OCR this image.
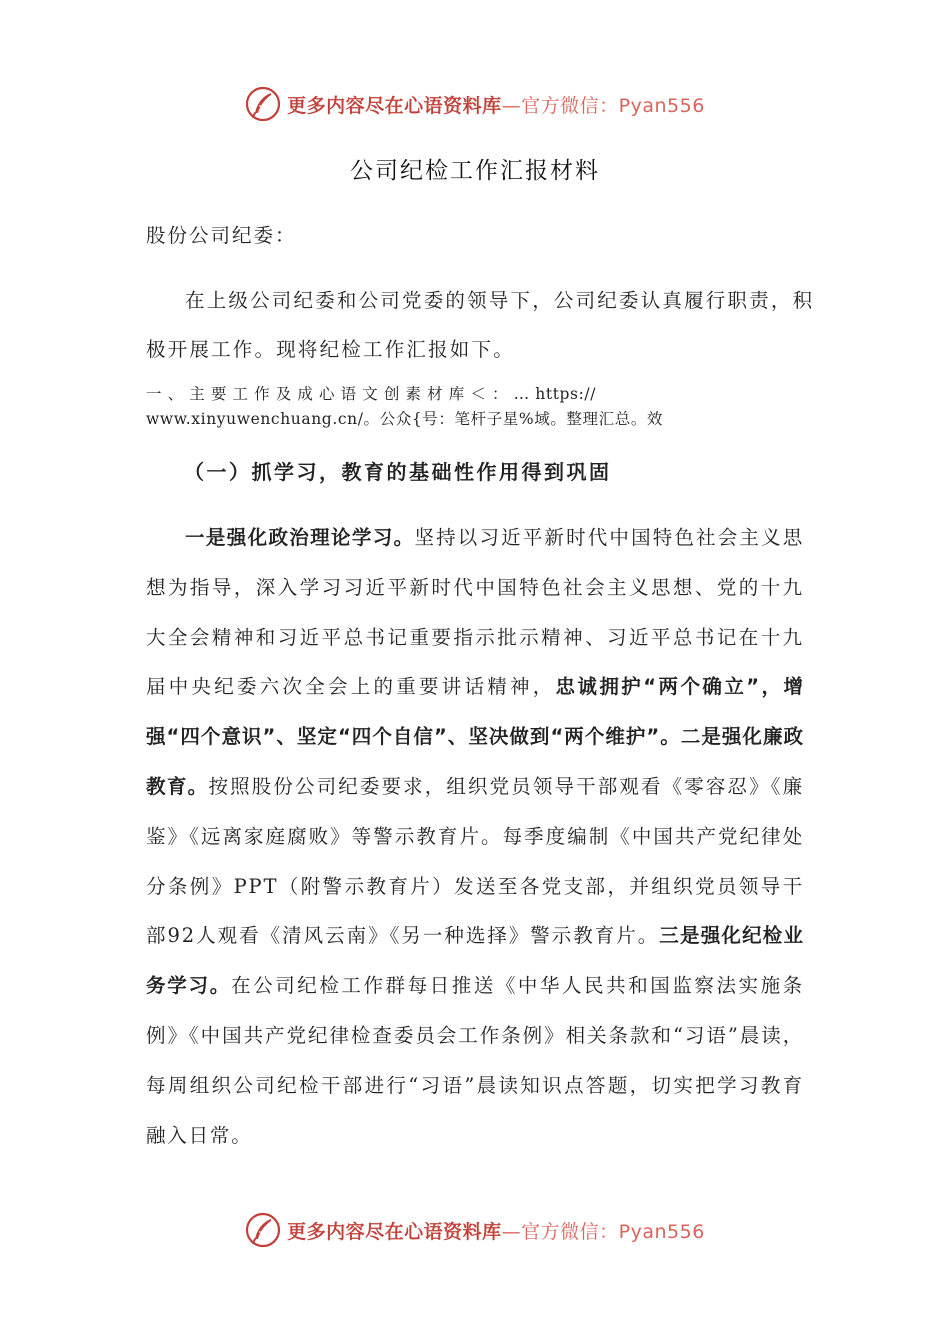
更多内容尽在心语资料库 —官方微信：Pyan556
公司纪检工作汇报材料
股份公司纪委：
在上级公司纪委和公司党委的领导下，公司纪委认真履行职责，积极开展工作。现将纪检工作汇报如下。
一 、 主 要 工 作 及 成 心 语 文 创 素 材 库 ＜ ： … https:// www.xinyuwenchuang.cn/。公众{号：笔杆子星%域。整理汇总。效
（一）抓学习，教育的基础性作用得到巩固
一是强化政治理论学习。坚持以习近平新时代中国特色社会主义思想为指导，深入学习习近平新时代中国特色社会主义思想、党的十九大全会精神和习近平总书记重要指示批示精神、习近平总书记在十九届中央纪委六次全会上的重要讲话精神，忠诚拥护“两个确立”，增强“四个意识”、坚定“四个自信”、坚决做到“两个维护”。二是强化廉政教育。按照股份公司纪委要求，组织党员领导干部观看《零容忍》《廉鉴》《远离家庭腐败》等警示教育片。每季度编制《中国共产党纪律处分条例》PPT（附警示教育片）发送至各党支部，并组织党员领导干部92人观看《清风云南》《另一种选择》警示教育片。三是强化纪检业务学习。在公司纪检工作群每日推送《中华人民共和国监察法实施条例》《中国共产党纪律检查委员会工作条例》相关条款和“习语”晨读，每周组织公司纪检干部进行“习语”晨读知识点答题，切实把学习教育融入日常。
更多内容尽在心语资料库 —官方微信：Pyan556
